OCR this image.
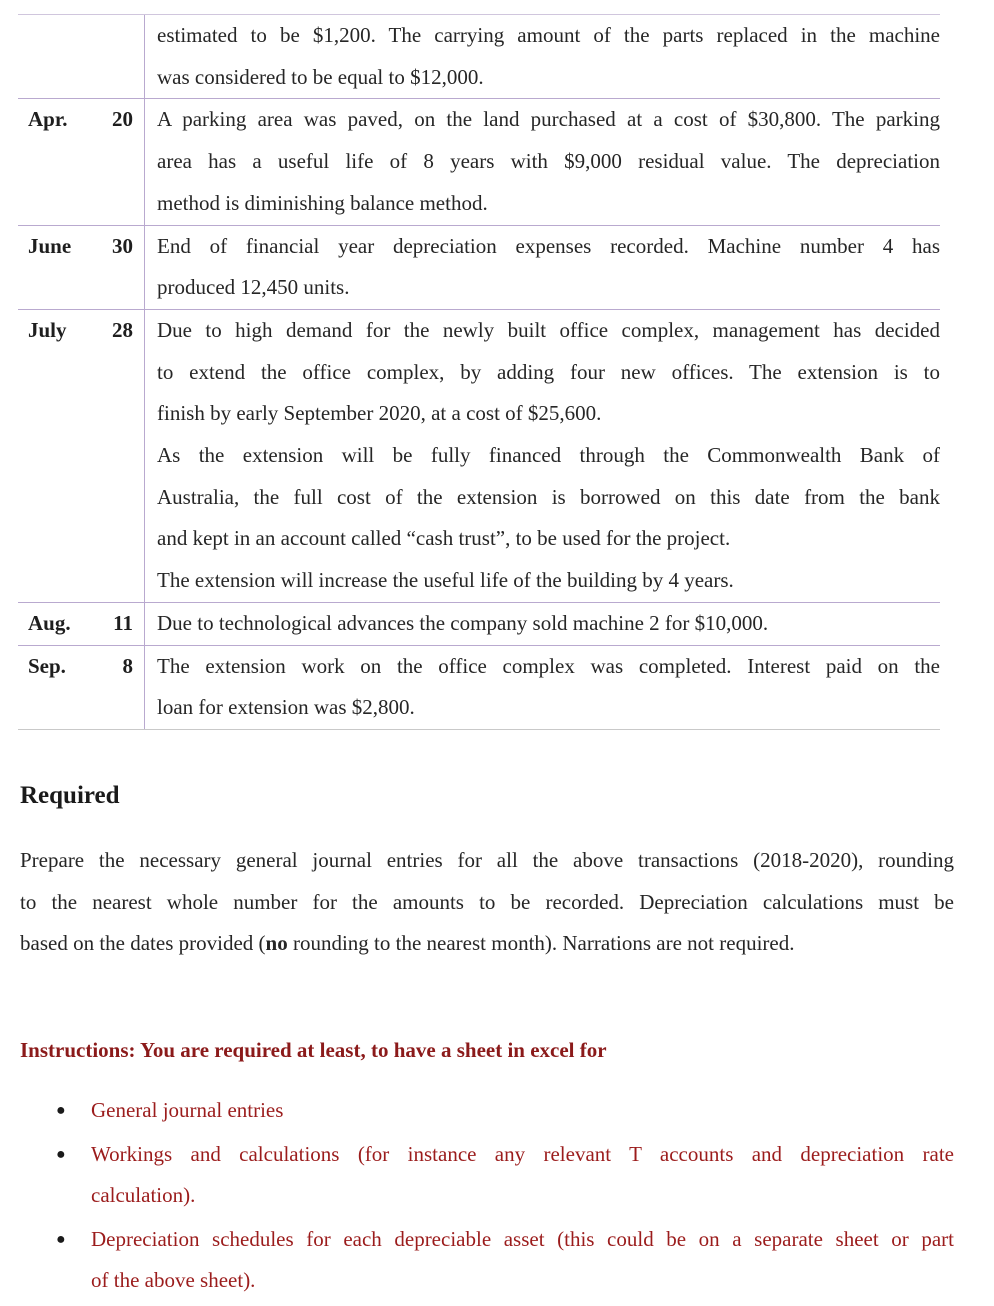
estimated to be $1,200. The carrying amount of the parts replaced in the machine
was considered to be equal to $12,000.
Apr. 20 A parking area was paved, on the land purchased at a cost of $30,800. The parking
area has a useful life of 8 years with $9,000 residual value. The depreciation
method is diminishing balance method.
June 30 End of financial year depreciation expenses recorded. Machine number 4 has
produced 12,450 units.
July 28 Due to high demand for the newly built office complex, management has decided
to extend the office complex, by adding four new offices. The extension is to
finish by early September 2020, at a cost of $25,600.
As the extension will be fully financed through the Commonwealth Bank of
Australia, the full cost of the extension is borrowed on this date from the bank
and kept in an account called “cash trust”, to be used for the project.
The extension will increase the useful life of the building by 4 years.
Aug. 11 Due to technological advances the company sold machine 2 for $10,000.
Sep.	8 The extension work on the office complex was completed. Interest paid on the
loan for extension was $2,800.
Required
Prepare the necessary general journal entries for all the above transactions (2018-2020), rounding
to the nearest whole number for the amounts to be recorded. Depreciation calculations must be
based on the dates provided (no rounding to the nearest month). Narrations are not required.
Instructions: You are required at least, to have a sheet in excel for
● General journal entries
● Workings and calculations (for instance any relevant T accounts and depreciation rate
calculation).
● Depreciation schedules for each depreciable asset (this could be on a separate sheet or part
of the above sheet).
